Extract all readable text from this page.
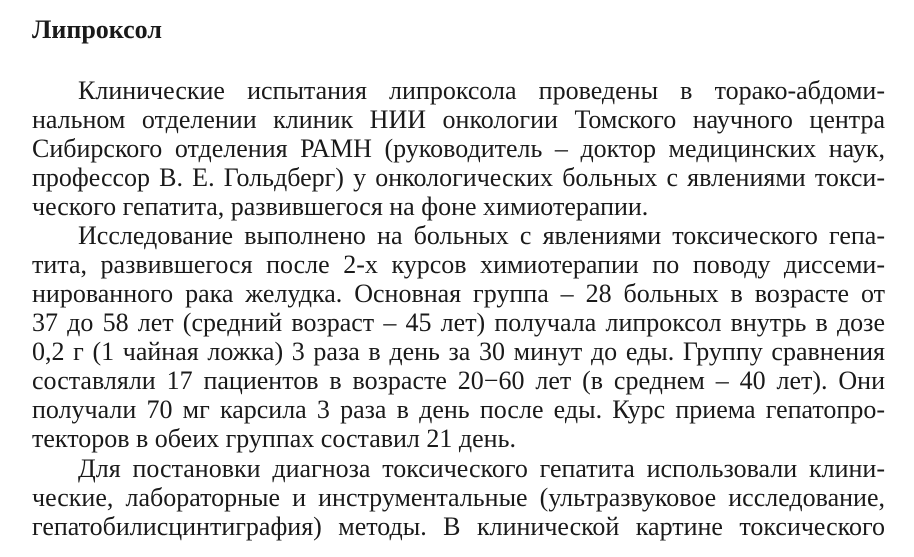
Липроксол
Клинические испытания липроксола проведены в торако-абдоми-
нальном отделении клиник НИИ онкологии Томского научного центра
Сибирского отделения РАМН (руководитель – доктор медицинских наук,
профессор В. Е. Гольдберг) у онкологических больных с явлениями токси-
ческого гепатита, развившегося на фоне химиотерапии.
Исследование выполнено на больных с явлениями токсического гепа-
тита, развившегося после 2-х курсов химиотерапии по поводу диссеми-
нированного рака желудка. Основная группа – 28 больных в возрасте от
37 до 58 лет (средний возраст – 45 лет) получала липроксол внутрь в дозе
0,2 г (1 чайная ложка) 3 раза в день за 30 минут до еды. Группу сравнения
составляли 17 пациентов в возрасте 20−60 лет (в среднем – 40 лет). Они
получали 70 мг карсила 3 раза в день после еды. Курс приема гепатопро-
текторов в обеих группах составил 21 день.
Для постановки диагноза токсического гепатита использовали клини-
ческие, лабораторные и инструментальные (ультразвуковое исследование,
гепатобилисцинтиграфия) методы. В клинической картине токсического
